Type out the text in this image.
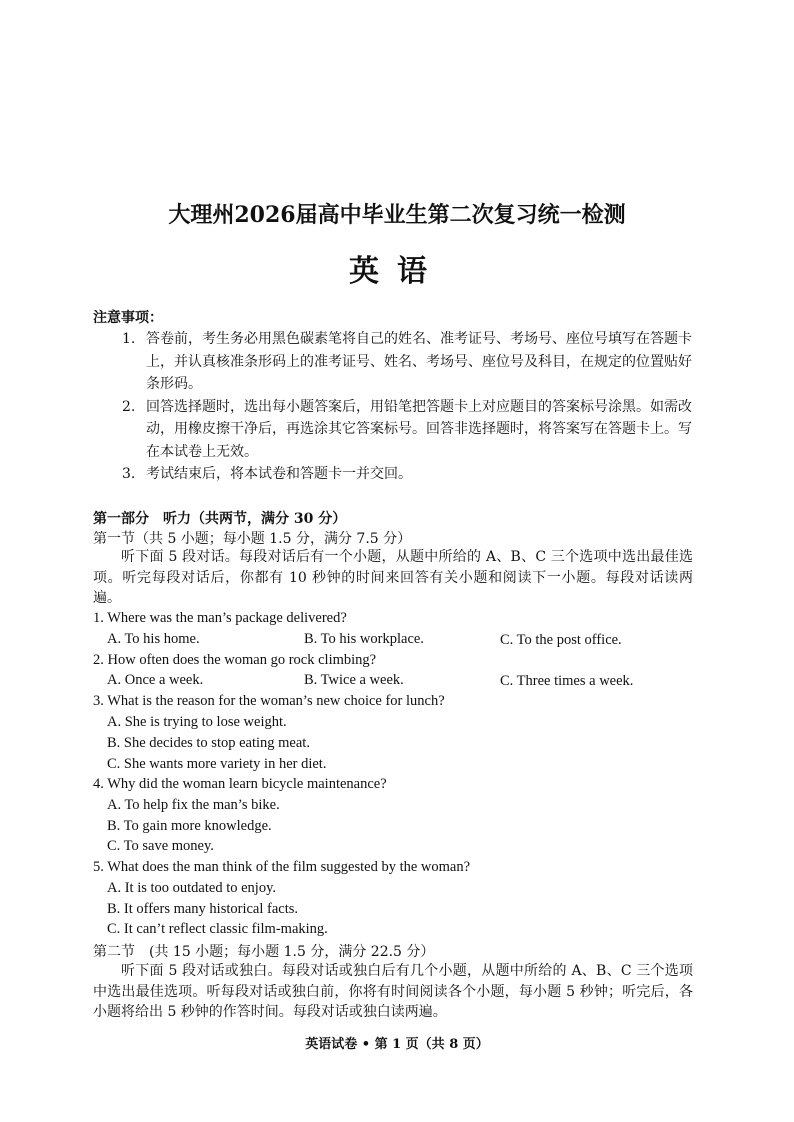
大理州2026届高中毕业生第二次复习统一检测
英语
注意事项：
1. 答卷前，考生务必用黑色碳素笔将自己的姓名、准考证号、考场号、座位号填写在答题卡上，并认真核准条形码上的准考证号、姓名、考场号、座位号及科目，在规定的位置贴好条形码。
2. 回答选择题时，选出每小题答案后，用铅笔把答题卡上对应题目的答案标号涂黑。如需改动，用橡皮擦干净后，再选涂其它答案标号。回答非选择题时，将答案写在答题卡上。写在本试卷上无效。
3. 考试结束后，将本试卷和答题卡一并交回。
第一部分　听力（共两节，满分 30 分）
第一节（共 5 小题；每小题 1.5 分，满分 7.5 分）
听下面 5 段对话。每段对话后有一个小题，从题中所给的 A、B、C 三个选项中选出最佳选项。听完每段对话后，你都有 10 秒钟的时间来回答有关小题和阅读下一小题。每段对话读两遍。
1. Where was the man’s package delivered?
A. To his home.	B. To his workplace.	C. To the post office.
2. How often does the woman go rock climbing?
A. Once a week.	B. Twice a week.	C. Three times a week.
3. What is the reason for the woman’s new choice for lunch?
A. She is trying to lose weight.
B. She decides to stop eating meat.
C. She wants more variety in her diet.
4. Why did the woman learn bicycle maintenance?
A. To help fix the man’s bike.
B. To gain more knowledge.
C. To save money.
5. What does the man think of the film suggested by the woman?
A. It is too outdated to enjoy.
B. It offers many historical facts.
C. It can’t reflect classic film-making.
第二节　(共 15 小题；每小题 1.5 分，满分 22.5 分）
听下面 5 段对话或独白。每段对话或独白后有几个小题，从题中所给的 A、B、C 三个选项中选出最佳选项。听每段对话或独白前，你将有时间阅读各个小题，每小题 5 秒钟；听完后，各小题将给出 5 秒钟的作答时间。每段对话或独白读两遍。
英语试卷 • 第 1 页（共 8 页）
